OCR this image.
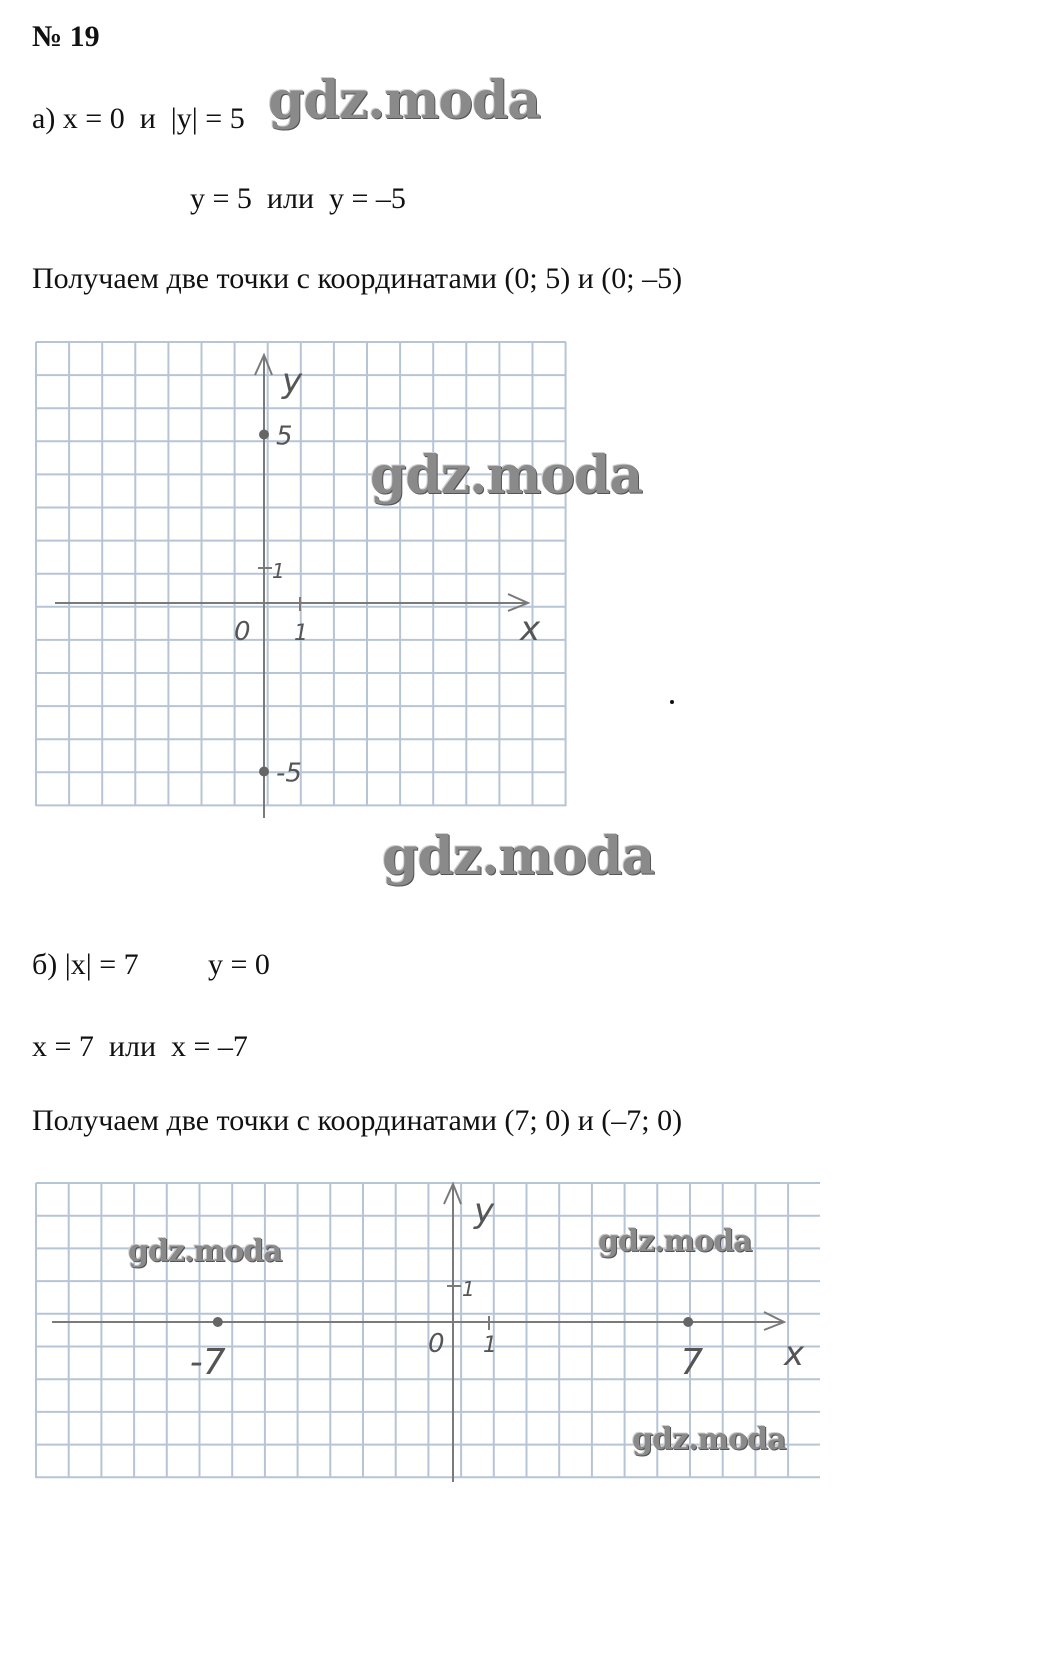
№ 19
а) x = 0  и  |y| = 5 gdz.moda
y = 5  или  y = –5
Получаем две точки с координатами (0; 5) и (0; –5)
5
-5
x
y
0 1
1
gdz.moda
gdz.moda
б) |x| = 7 y = 0
x = 7  или  x = –7
Получаем две точки с координатами (7; 0) и (–7; 0)
-7	7 x
y
0 1
1
gdz.moda	gdz.moda
gdz.moda
